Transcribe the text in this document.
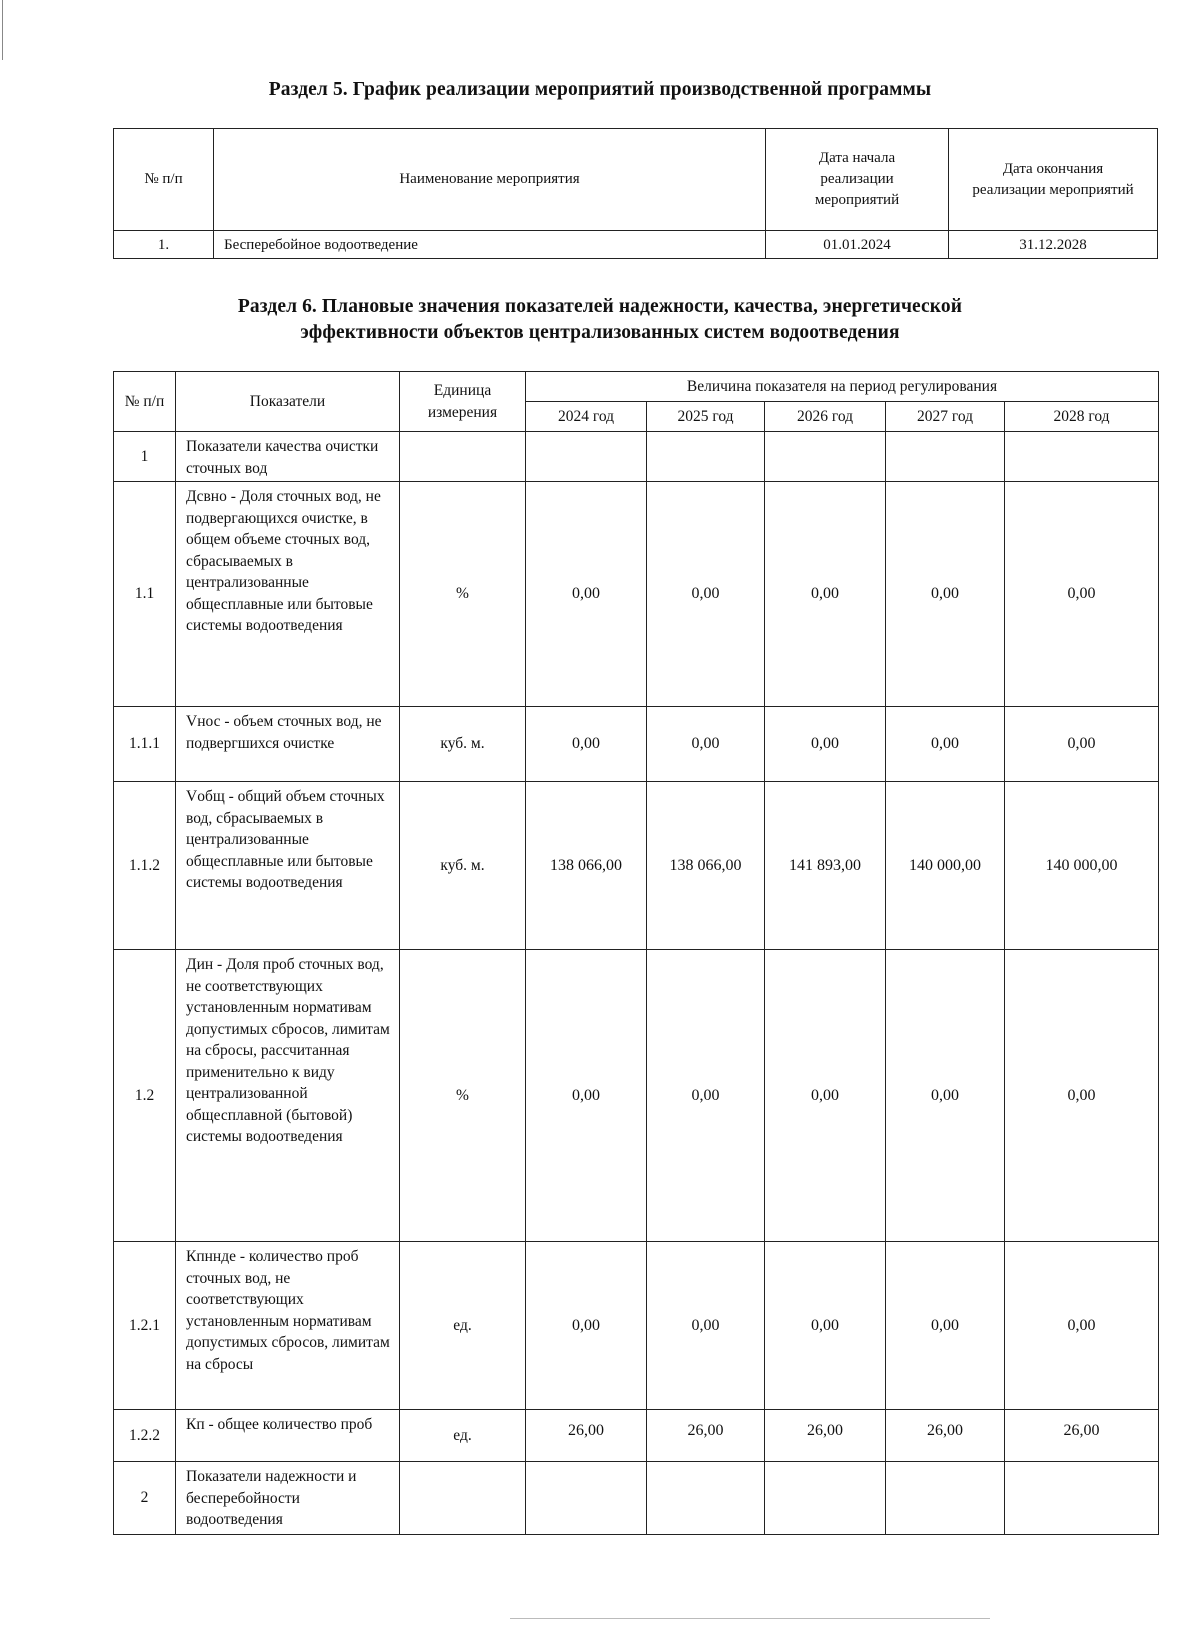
Раздел 5. График реализации мероприятий производственной программы
№ п/п	Наименование мероприятия	Дата начала реализации мероприятий	Дата окончания реализации мероприятий
1.	Бесперебойное водоотведение	01.01.2024	31.12.2028
Раздел 6. Плановые значения показателей надежности, качества, энергетической
эффективности объектов централизованных систем водоотведения
№ п/п	Показатели	Единица измерения	Величина показателя на период регулирования				
			2024 год	2025 год	2026 год	2027 год	2028 год
1	Показатели качества очистки сточных вод						
1.1	Дсвно - Доля сточных вод, не подвергающихся очистке, в общем объеме сточных вод, сбрасываемых в централизованные общесплавные или бытовые системы водоотведения	%	0,00	0,00	0,00	0,00	0,00
1.1.1	Vнос - объем сточных вод, не подвергшихся очистке	куб. м.	0,00	0,00	0,00	0,00	0,00
1.1.2	Vобщ - общий объем сточных вод, сбрасываемых в централизованные общесплавные или бытовые системы водоотведения	куб. м.	138 066,00	138 066,00	141 893,00	140 000,00	140 000,00
1.2	Дин - Доля проб сточных вод, не соответствующих установленным нормативам допустимых сбросов, лимитам на сбросы, рассчитанная применительно к виду централизованной общесплавной (бытовой) системы водоотведения	%	0,00	0,00	0,00	0,00	0,00
1.2.1	Кпннде - количество проб сточных вод, не соответствующих установленным нормативам допустимых сбросов, лимитам на сбросы	ед.	0,00	0,00	0,00	0,00	0,00
1.2.2	Кп - общее количество проб	ед.	26,00	26,00	26,00	26,00	26,00
2	Показатели надежности и бесперебойности водоотведения						
